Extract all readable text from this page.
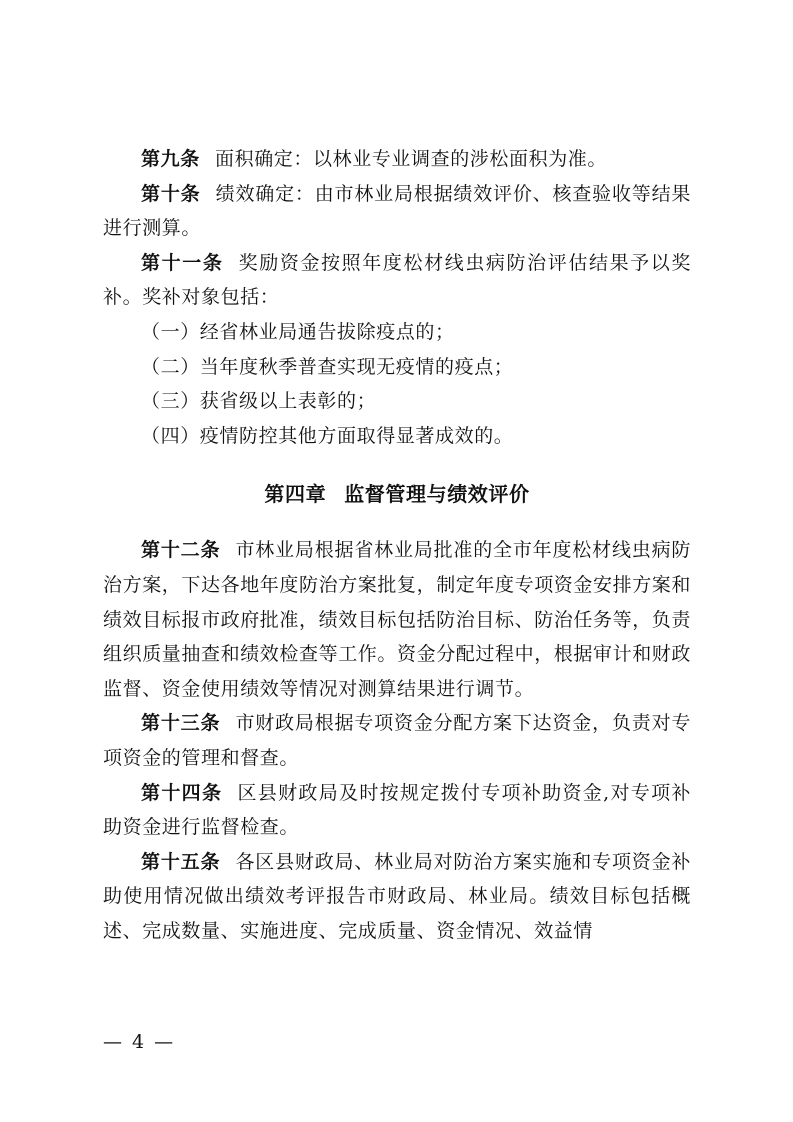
第九条 面积确定：以林业专业调查的涉松面积为准。

第十条 绩效确定：由市林业局根据绩效评价、核查验收等结果进行测算。

第十一条 奖励资金按照年度松材线虫病防治评估结果予以奖补。奖补对象包括：

（一）经省林业局通告拔除疫点的；

（二）当年度秋季普查实现无疫情的疫点；

（三）获省级以上表彰的；

（四）疫情防控其他方面取得显著成效的。

第四章 监督管理与绩效评价

第十二条 市林业局根据省林业局批准的全市年度松材线虫病防治方案，下达各地年度防治方案批复，制定年度专项资金安排方案和绩效目标报市政府批准，绩效目标包括防治目标、防治任务等，负责组织质量抽查和绩效检查等工作。资金分配过程中，根据审计和财政监督、资金使用绩效等情况对测算结果进行调节。

第十三条 市财政局根据专项资金分配方案下达资金，负责对专项资金的管理和督查。

第十四条 区县财政局及时按规定拨付专项补助资金,对专项补助资金进行监督检查。

第十五条 各区县财政局、林业局对防治方案实施和专项资金补助使用情况做出绩效考评报告市财政局、林业局。绩效目标包括概述、完成数量、实施进度、完成质量、资金情况、效益情

— 4 —
